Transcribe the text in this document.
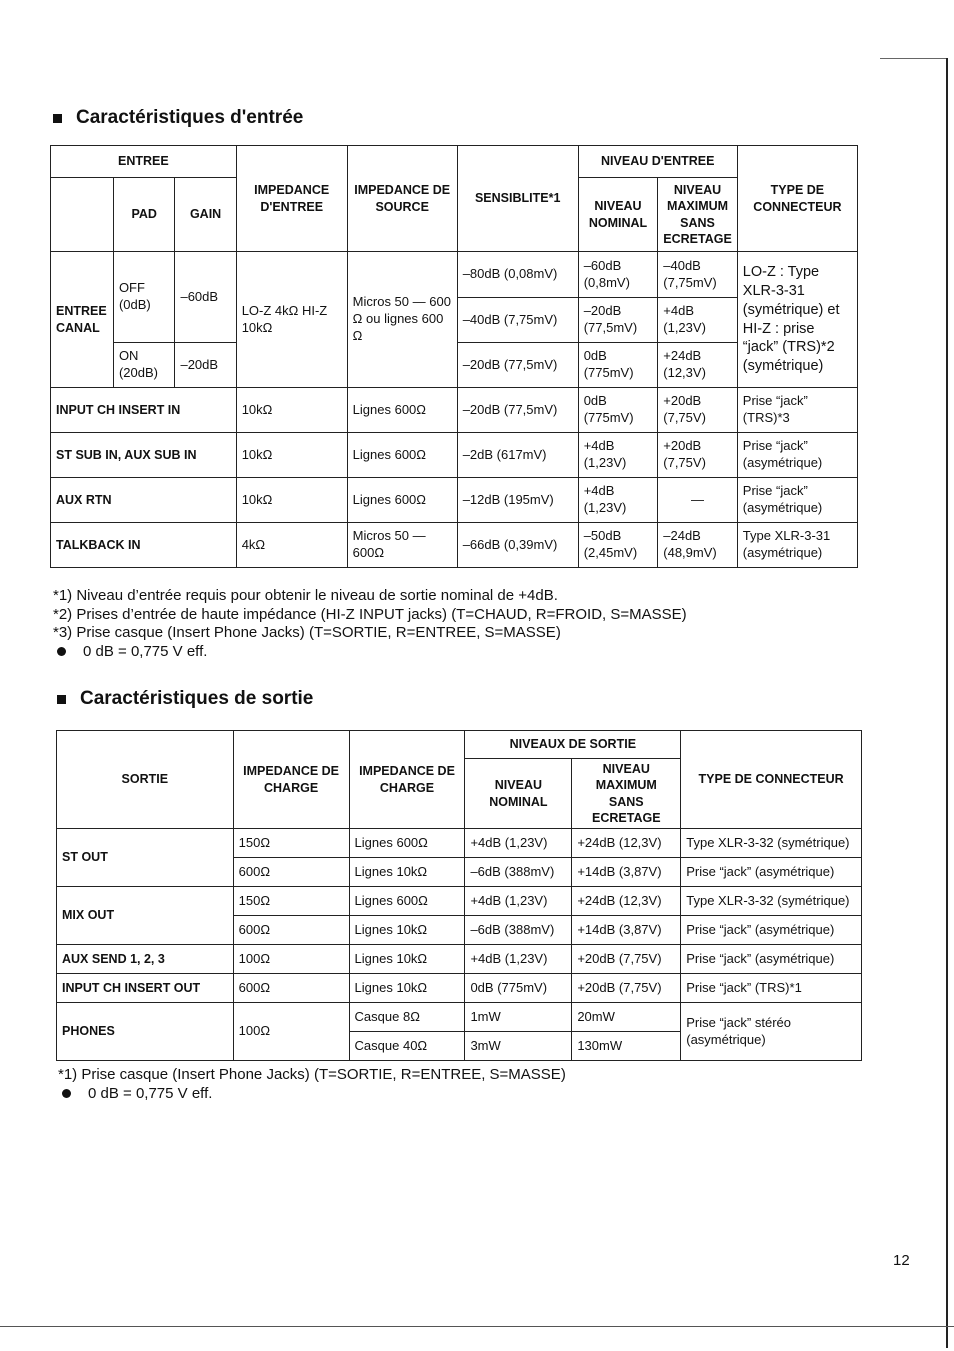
Caractéristiques d'entrée
ENTREE			IMPEDANCE D'ENTREE	IMPEDANCE DE SOURCE	SENSIBLITE*1	NIVEAU D'ENTREE		TYPE DE CONNECTEUR
	PAD	GAIN				NIVEAU NOMINAL	NIVEAU MAXIMUM SANS ECRETAGE	
ENTREE CANAL	OFF (0dB)	–60dB	LO-Z 4kΩ HI-Z 10kΩ	Micros 50 — 600 Ω ou lignes 600 Ω	–80dB (0,08mV)	–60dB (0,8mV)	–40dB (7,75mV)	LO-Z : Type XLR-3-31 (symétrique) et HI-Z : prise “jack” (TRS)*2 (symétrique)
					–40dB (7,75mV)	–20dB (77,5mV)	+4dB (1,23V)	
	ON (20dB)	–20dB			–20dB (77,5mV)	0dB (775mV)	+24dB (12,3V)	
INPUT CH INSERT IN			10kΩ	Lignes 600Ω	–20dB (77,5mV)	0dB (775mV)	+20dB (7,75V)	Prise “jack” (TRS)*3
ST SUB IN, AUX SUB IN			10kΩ	Lignes 600Ω	–2dB (617mV)	+4dB (1,23V)	+20dB (7,75V)	Prise “jack” (asymétrique)
AUX RTN			10kΩ	Lignes 600Ω	–12dB (195mV)	+4dB (1,23V)	—	Prise “jack” (asymétrique)
TALKBACK IN			4kΩ	Micros 50 — 600Ω	–66dB (0,39mV)	–50dB (2,45mV)	–24dB (48,9mV)	Type XLR-3-31 (asymétrique)
*1) Niveau d’entrée requis pour obtenir le niveau de sortie nominal de +4dB.
*2) Prises d’entrée de haute impédance (HI-Z INPUT jacks) (T=CHAUD, R=FROID, S=MASSE)
*3) Prise casque (Insert Phone Jacks) (T=SORTIE, R=ENTREE, S=MASSE)
0 dB = 0,775 V eff.
Caractéristiques de sortie
SORTIE	IMPEDANCE DE CHARGE	IMPEDANCE DE CHARGE	NIVEAUX DE SORTIE		TYPE DE CONNECTEUR
			NIVEAU NOMINAL	NIVEAU MAXIMUM SANS ECRETAGE	
ST OUT	150Ω	Lignes 600Ω	+4dB (1,23V)	+24dB (12,3V)	Type XLR-3-32 (symétrique)
	600Ω	Lignes 10kΩ	–6dB (388mV)	+14dB (3,87V)	Prise “jack” (asymétrique)
MIX OUT	150Ω	Lignes 600Ω	+4dB (1,23V)	+24dB (12,3V)	Type XLR-3-32 (symétrique)
	600Ω	Lignes 10kΩ	–6dB (388mV)	+14dB (3,87V)	Prise “jack” (asymétrique)
AUX SEND 1, 2, 3	100Ω	Lignes 10kΩ	+4dB (1,23V)	+20dB (7,75V)	Prise “jack” (asymétrique)
INPUT CH INSERT OUT	600Ω	Lignes 10kΩ	0dB (775mV)	+20dB (7,75V)	Prise “jack” (TRS)*1
PHONES	100Ω	Casque 8Ω	1mW	20mW	Prise “jack” stéréo (asymétrique)
		Casque 40Ω	3mW	130mW	
*1) Prise casque (Insert Phone Jacks) (T=SORTIE, R=ENTREE, S=MASSE)
0 dB = 0,775 V eff.
12
